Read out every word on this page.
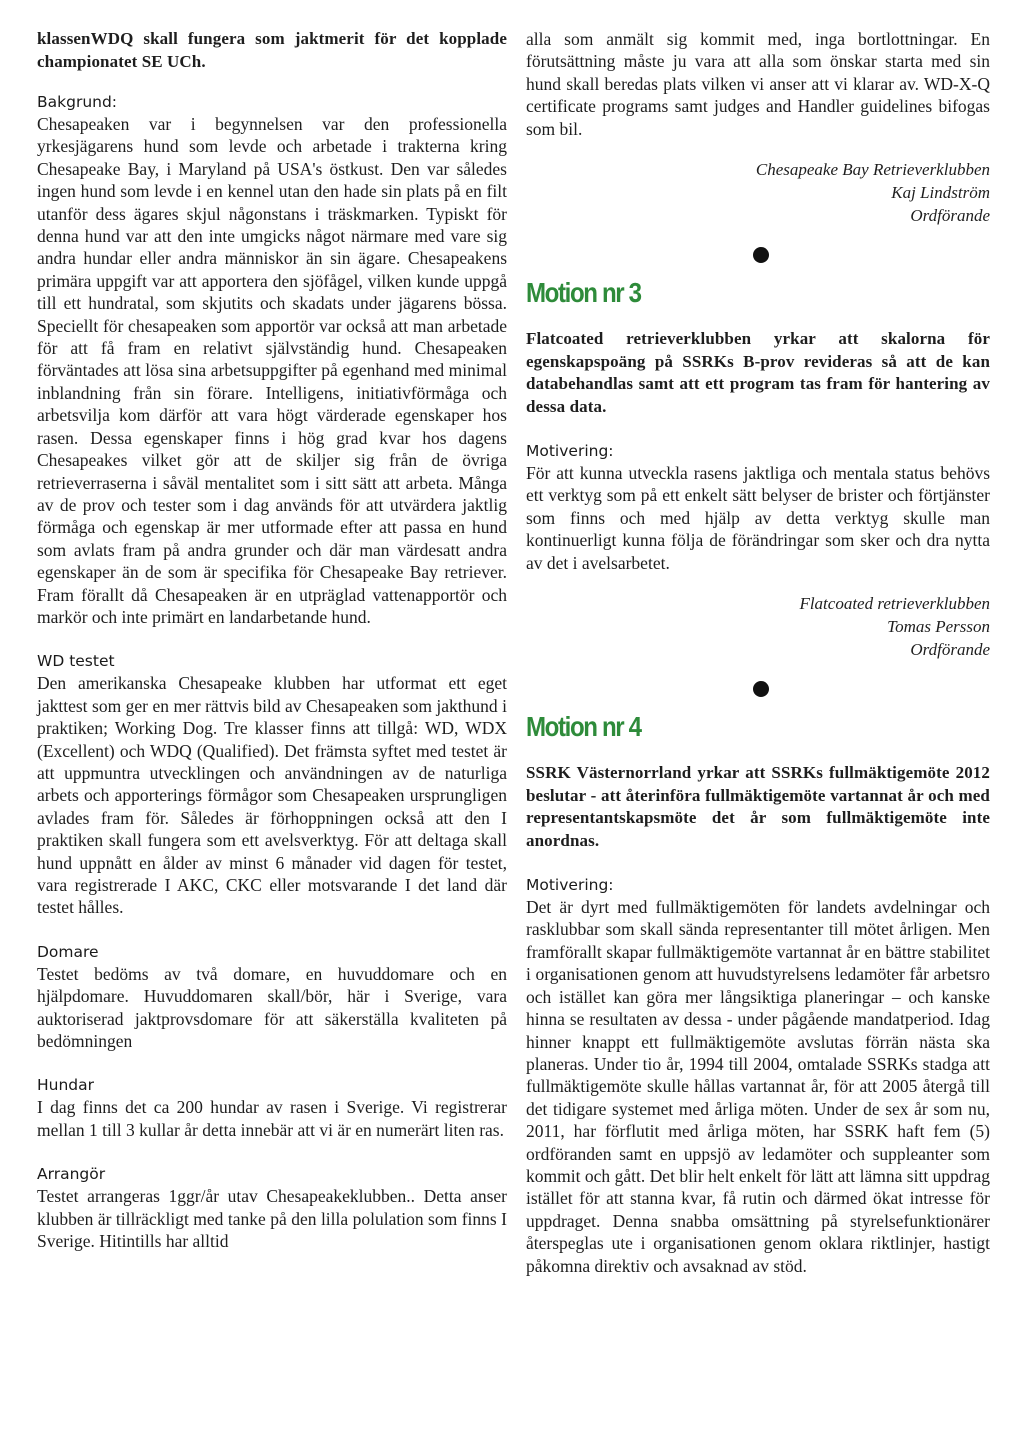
klassenWDQ skall fungera som jaktmerit för det kopplade championatet SE UCh.

Bakgrund:

Chesapeaken var i begynnelsen var den professionella yrkesjägarens hund som levde och arbetade i trakterna kring Chesapeake Bay, i Maryland på USA's östkust. Den var således ingen hund som levde i en kennel utan den hade sin plats på en filt utanför dess ägares skjul någonstans i träskmarken. Typiskt för denna hund var att den inte umgicks något närmare med vare sig andra hundar eller andra människor än sin ägare. Chesapeakens primära uppgift var att apportera den sjöfågel, vilken kunde uppgå till ett hundratal, som skjutits och skadats under jägarens bössa. Speciellt för chesapeaken som apportör var också att man arbetade för att få fram en relativt självständig hund. Chesapeaken förväntades att lösa sina arbetsuppgifter på egenhand med minimal inblandning från sin förare. Intelligens, initiativförmåga och arbetsvilja kom därför att vara högt värderade egenskaper hos rasen. Dessa egenskaper finns i hög grad kvar hos dagens Chesapeakes vilket gör att de skiljer sig från de övriga retrieverraserna i såväl mentalitet som i sitt sätt att arbeta. Många av de prov och tester som i dag används för att utvärdera jaktlig förmåga och egenskap är mer utformade efter att passa en hund som avlats fram på andra grunder och där man värdesatt andra egenskaper än de som är specifika för Chesapeake Bay retriever. Fram förallt då Chesapeaken är en utpräglad vattenapportör och markör och inte primärt en landarbetande hund.

WD testet

Den amerikanska Chesapeake klubben har utformat ett eget jakttest som ger en mer rättvis bild av Chesapeaken som jakthund i praktiken; Working Dog. Tre klasser finns att tillgå: WD, WDX (Excellent) och WDQ (Qualified). Det främsta syftet med testet är att uppmuntra utvecklingen och användningen av de naturliga arbets och apporterings förmågor som Chesapeaken ursprungligen avlades fram för. Således är förhoppningen också att den I praktiken skall fungera som ett avelsverktyg. För att deltaga skall hund uppnått en ålder av minst 6 månader vid dagen för testet, vara registrerade I AKC, CKC eller motsvarande I det land där testet hålles.

Domare

Testet bedöms av två domare, en huvuddomare och en hjälpdomare. Huvuddomaren skall/bör, här i Sverige, vara auktoriserad jaktprovsdomare för att säkerställa kvaliteten på bedömningen

Hundar

I dag finns det ca 200 hundar av rasen i Sverige. Vi registrerar mellan 1 till 3 kullar år detta innebär att vi är en numerärt liten ras.

Arrangör

Testet arrangeras 1ggr/år utav Chesapeakeklubben.. Detta anser klubben är tillräckligt med tanke på den lilla polulation som finns I Sverige. Hitintills har alltid

alla som anmält sig kommit med, inga bortlottningar. En förutsättning måste ju vara att alla som önskar starta med sin hund skall beredas plats vilken vi anser att vi klarar av. WD-X-Q certificate programs samt judges and Handler guidelines bifogas som bil.

Chesapeake Bay Retrieverklubben
Kaj Lindström
Ordförande
Motion nr 3

Flatcoated retrieverklubben yrkar att skalorna för egenskapspoäng på SSRKs B-prov revideras så att de kan databehandlas samt att ett program tas fram för hantering av dessa data.

Motivering:

För att kunna utveckla rasens jaktliga och mentala status behövs ett verktyg som på ett enkelt sätt belyser de brister och förtjänster som finns och med hjälp av detta verktyg skulle man kontinuerligt kunna följa de förändringar som sker och dra nytta av det i avelsarbetet.

Flatcoated retrieverklubben
Tomas Persson
Ordförande
Motion nr 4

SSRK Västernorrland yrkar att SSRKs fullmäktigemöte 2012 beslutar - att återinföra fullmäktigemöte vartannat år och med representantskapsmöte det år som fullmäktigemöte inte anordnas.

Motivering:

Det är dyrt med fullmäktigemöten för landets avdelningar och rasklubbar som skall sända representanter till mötet årligen. Men framförallt skapar fullmäktigemöte vartannat år en bättre stabilitet i organisationen genom att huvudstyrelsens ledamöter får arbetsro och istället kan göra mer långsiktiga planeringar – och kanske hinna se resultaten av dessa - under pågående mandatperiod. Idag hinner knappt ett fullmäktigemöte avslutas förrän nästa ska planeras. Under tio år, 1994 till 2004, omtalade SSRKs stadga att fullmäktigemöte skulle hållas vartannat år, för att 2005 återgå till det tidigare systemet med årliga möten. Under de sex år som nu, 2011, har förflutit med årliga möten, har SSRK haft fem (5) ordföranden samt en uppsjö av ledamöter och suppleanter som kommit och gått. Det blir helt enkelt för lätt att lämna sitt uppdrag istället för att stanna kvar, få rutin och därmed ökat intresse för uppdraget. Denna snabba omsättning på styrelsefunktionärer återspeglas ute i organisationen genom oklara riktlinjer, hastigt påkomna direktiv och avsaknad av stöd.
